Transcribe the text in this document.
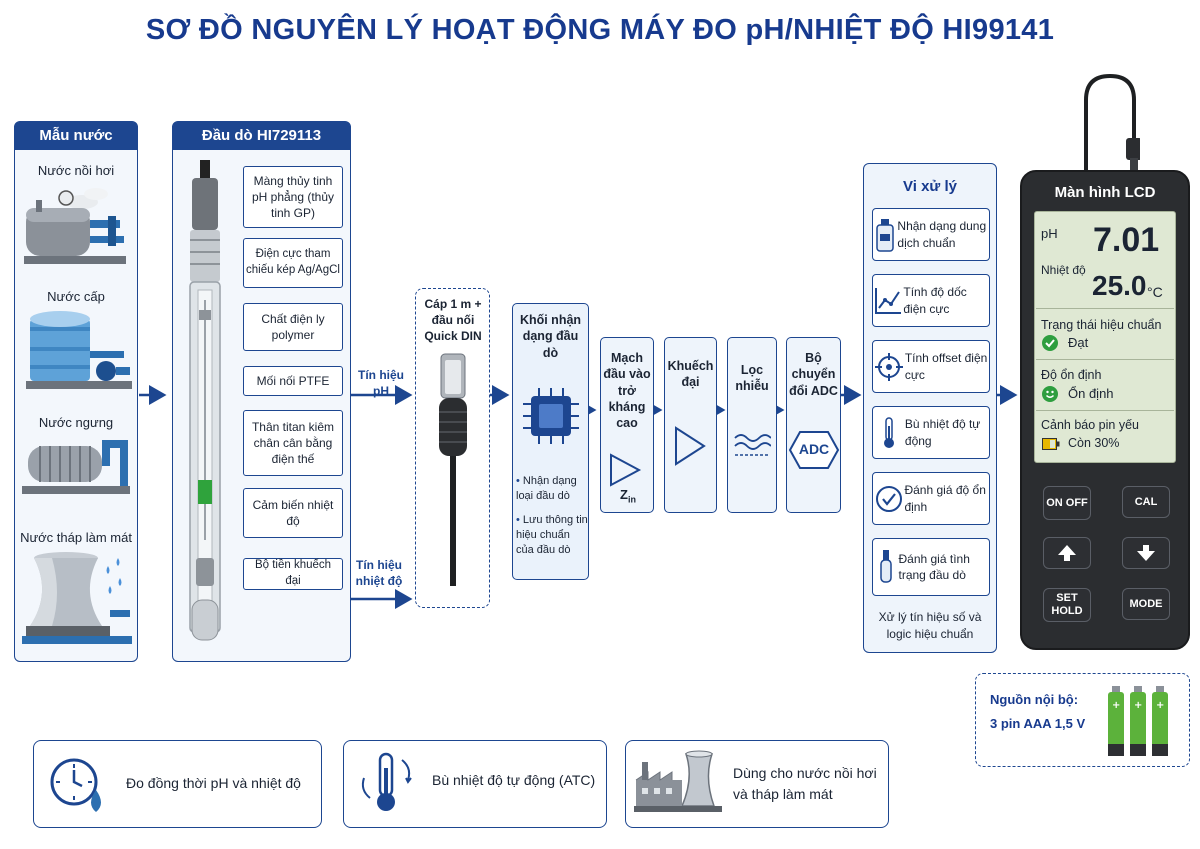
SƠ ĐỒ NGUYÊN LÝ HOẠT ĐỘNG MÁY ĐO pH/NHIỆT ĐỘ HI99141
Mẫu nước
Nước nồi hơi
Nước cấp
Nước ngưng
Nước tháp làm mát
Đầu dò HI729113
Màng thủy tinh pH phẳng (thủy tinh GP)
Điện cực tham chiếu kép Ag/AgCl
Chất điện ly polymer
Mối nối PTFE
Thân titan kiêm chân cân bằng điện thế
Cảm biến nhiệt độ
Bộ tiền khuếch đại
Tín hiệu pH
Tín hiệu nhiệt độ
Cáp 1 m + đầu nối Quick DIN
Khối nhận dạng đầu dò
• Nhận dạng loại đầu dò
• Lưu thông tin hiệu chuẩn của đầu dò
Mạch đầu vào trở kháng cao
$Z_{in}$
Khuếch đại
Lọc nhiễu
Bộ chuyển đổi ADC
ADC
Vi xử lý
Nhận dạng dung dịch chuẩn
Tính độ dốc điện cực
Tính offset điện cực
Bù nhiệt độ tự động
Đánh giá độ ổn định
Đánh giá tình trạng đầu dò
Xử lý tín hiệu số và logic hiệu chuẩn
Màn hình LCD
pH 7.01
Nhiệt độ 25.0 °C
Trạng thái hiệu chuẩn
Đạt
Độ ổn định
Ổn định
Cảnh báo pin yếu
Còn 30%
ON OFF	CAL
SET HOLD
MODE
Nguồn nội bộ:
3 pin AAA 1,5 V
+ + +
Đo đồng thời pH và nhiệt độ	Bù nhiệt độ tự động (ATC)	Dùng cho nước nồi hơi và tháp làm mát
